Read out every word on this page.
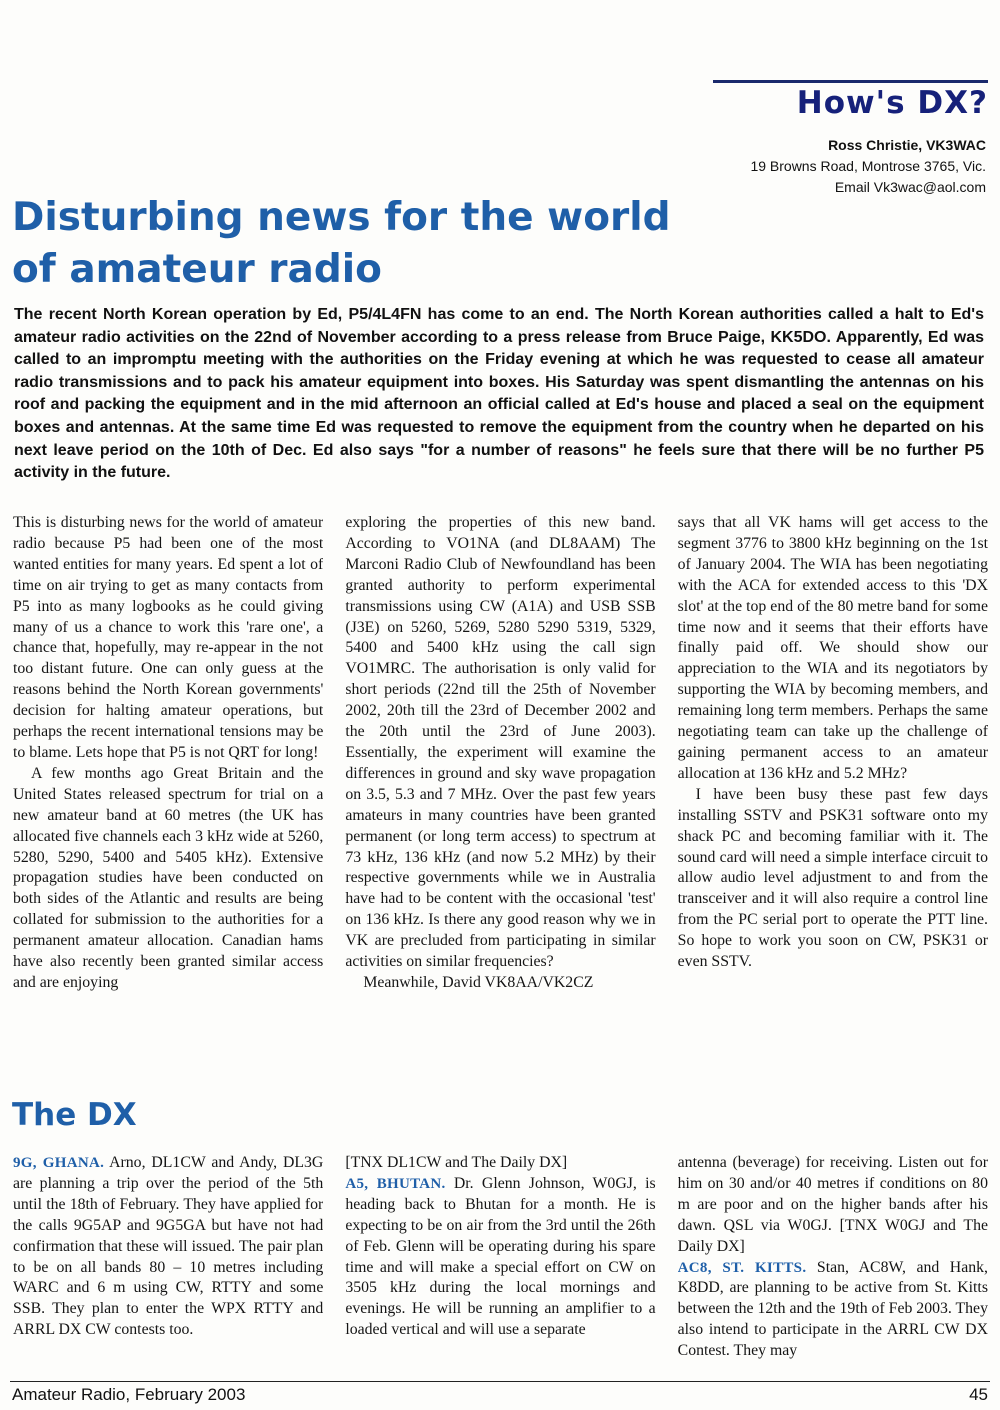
How's DX?
Ross Christie, VK3WAC
19 Browns Road, Montrose 3765, Vic.
Email Vk3wac@aol.com
Disturbing news for the world of amateur radio

The recent North Korean operation by Ed, P5/4L4FN has come to an end. The North Korean authorities called a halt to Ed's amateur radio activities on the 22nd of November according to a press release from Bruce Paige, KK5DO. Apparently, Ed was called to an impromptu meeting with the authorities on the Friday evening at which he was requested to cease all amateur radio transmissions and to pack his amateur equipment into boxes. His Saturday was spent dismantling the antennas on his roof and packing the equipment and in the mid afternoon an official called at Ed's house and placed a seal on the equipment boxes and antennas. At the same time Ed was requested to remove the equipment from the country when he departed on his next leave period on the 10th of Dec. Ed also says "for a number of reasons" he feels sure that there will be no further P5 activity in the future.

This is disturbing news for the world of amateur radio because P5 had been one of the most wanted entities for many years. Ed spent a lot of time on air trying to get as many contacts from P5 into as many logbooks as he could giving many of us a chance to work this 'rare one', a chance that, hopefully, may re-appear in the not too distant future. One can only guess at the reasons behind the North Korean governments' decision for halting amateur operations, but perhaps the recent international tensions may be to blame. Lets hope that P5 is not QRT for long!

A few months ago Great Britain and the United States released spectrum for trial on a new amateur band at 60 metres (the UK has allocated five channels each 3 kHz wide at 5260, 5280, 5290, 5400 and 5405 kHz). Extensive propagation studies have been conducted on both sides of the Atlantic and results are being collated for submission to the authorities for a permanent amateur allocation. Canadian hams have also recently been granted similar access and are enjoying

exploring the properties of this new band. According to VO1NA (and DL8AAM) The Marconi Radio Club of Newfoundland has been granted authority to perform experimental transmissions using CW (A1A) and USB SSB (J3E) on 5260, 5269, 5280 5290 5319, 5329, 5400 and 5400 kHz using the call sign VO1MRC. The authorisation is only valid for short periods (22nd till the 25th of November 2002, 20th till the 23rd of December 2002 and the 20th until the 23rd of June 2003). Essentially, the experiment will examine the differences in ground and sky wave propagation on 3.5, 5.3 and 7 MHz. Over the past few years amateurs in many countries have been granted permanent (or long term access) to spectrum at 73 kHz, 136 kHz (and now 5.2 MHz) by their respective governments while we in Australia have had to be content with the occasional 'test' on 136 kHz. Is there any good reason why we in VK are precluded from participating in similar activities on similar frequencies?

Meanwhile, David VK8AA/VK2CZ

says that all VK hams will get access to the segment 3776 to 3800 kHz beginning on the 1st of January 2004. The WIA has been negotiating with the ACA for extended access to this 'DX slot' at the top end of the 80 metre band for some time now and it seems that their efforts have finally paid off. We should show our appreciation to the WIA and its negotiators by supporting the WIA by becoming members, and remaining long term members. Perhaps the same negotiating team can take up the challenge of gaining permanent access to an amateur allocation at 136 kHz and 5.2 MHz?

I have been busy these past few days installing SSTV and PSK31 software onto my shack PC and becoming familiar with it. The sound card will need a simple interface circuit to allow audio level adjustment to and from the transceiver and it will also require a control line from the PC serial port to operate the PTT line. So hope to work you soon on CW, PSK31 or even SSTV.

The DX

9G, GHANA. Arno, DL1CW and Andy, DL3G are planning a trip over the period of the 5th until the 18th of February. They have applied for the calls 9G5AP and 9G5GA but have not had confirmation that these will issued. The pair plan to be on all bands 80 – 10 metres including WARC and 6 m using CW, RTTY and some SSB. They plan to enter the WPX RTTY and ARRL DX CW contests too.

[TNX DL1CW and The Daily DX]

A5, BHUTAN. Dr. Glenn Johnson, W0GJ, is heading back to Bhutan for a month. He is expecting to be on air from the 3rd until the 26th of Feb. Glenn will be operating during his spare time and will make a special effort on CW on 3505 kHz during the local mornings and evenings. He will be running an amplifier to a loaded vertical and will use a separate

antenna (beverage) for receiving. Listen out for him on 30 and/or 40 metres if conditions on 80 m are poor and on the higher bands after his dawn. QSL via W0GJ. [TNX W0GJ and The Daily DX]

AC8, ST. KITTS. Stan, AC8W, and Hank, K8DD, are planning to be active from St. Kitts between the 12th and the 19th of Feb 2003. They also intend to participate in the ARRL CW DX Contest. They may

Amateur Radio, February 2003	45
